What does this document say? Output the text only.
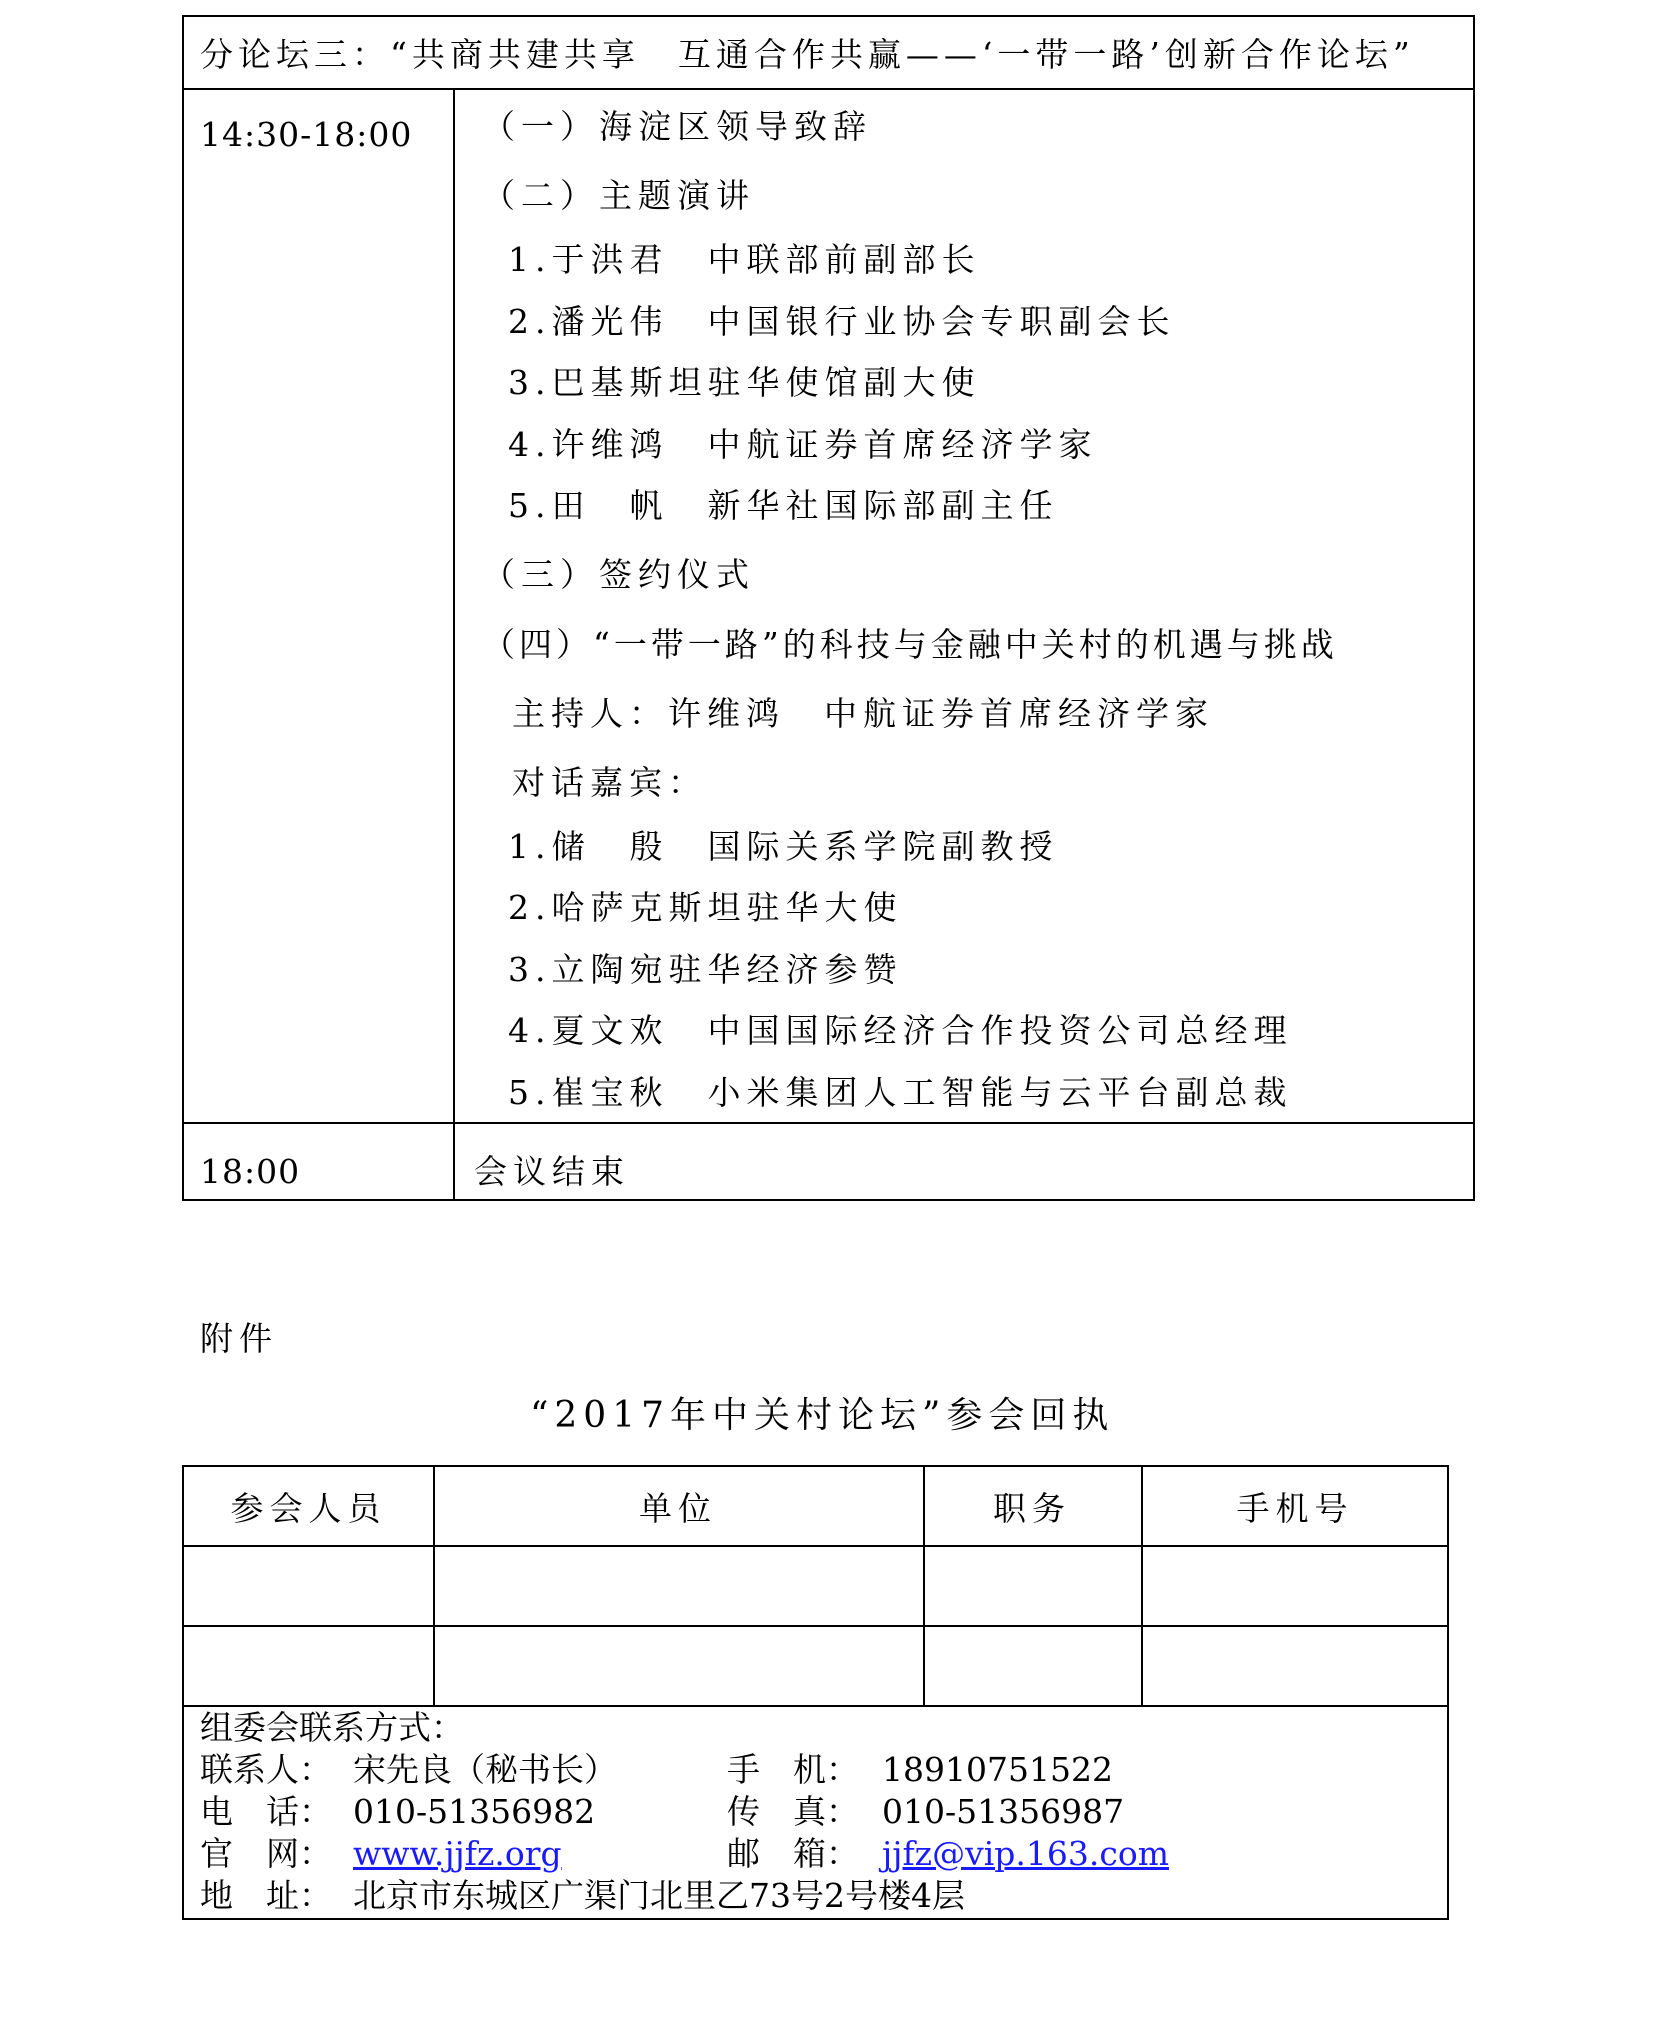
分论坛三：“共商共建共享　互通合作共赢——‘一带一路’创新合作论坛”
14:30-18:00 （一）海淀区领导致辞
（二）主题演讲
1.于洪君　中联部前副部长
2.潘光伟　中国银行业协会专职副会长
3.巴基斯坦驻华使馆副大使
4.许维鸿　中航证券首席经济学家
5.田　帆　新华社国际部副主任
（三）签约仪式
（四）“一带一路”的科技与金融中关村的机遇与挑战
主持人：许维鸿　中航证券首席经济学家
对话嘉宾：
1.储　殷　国际关系学院副教授
2.哈萨克斯坦驻华大使
3.立陶宛驻华经济参赞
4.夏文欢　中国国际经济合作投资公司总经理
5.崔宝秋　小米集团人工智能与云平台副总裁
18:00	会议结束
附件
“2017年中关村论坛”参会回执
参会人员	单位	职务	手机号
组委会联系方式：
联系人： 宋先良（秘书长）	手　机： 18910751522
电　话： 010-51356982	传　真： 010-51356987
官　网： www.jjfz.org	邮　箱： jjfz@vip.163.com
地　址： 北京市东城区广渠门北里乙73号2号楼4层
